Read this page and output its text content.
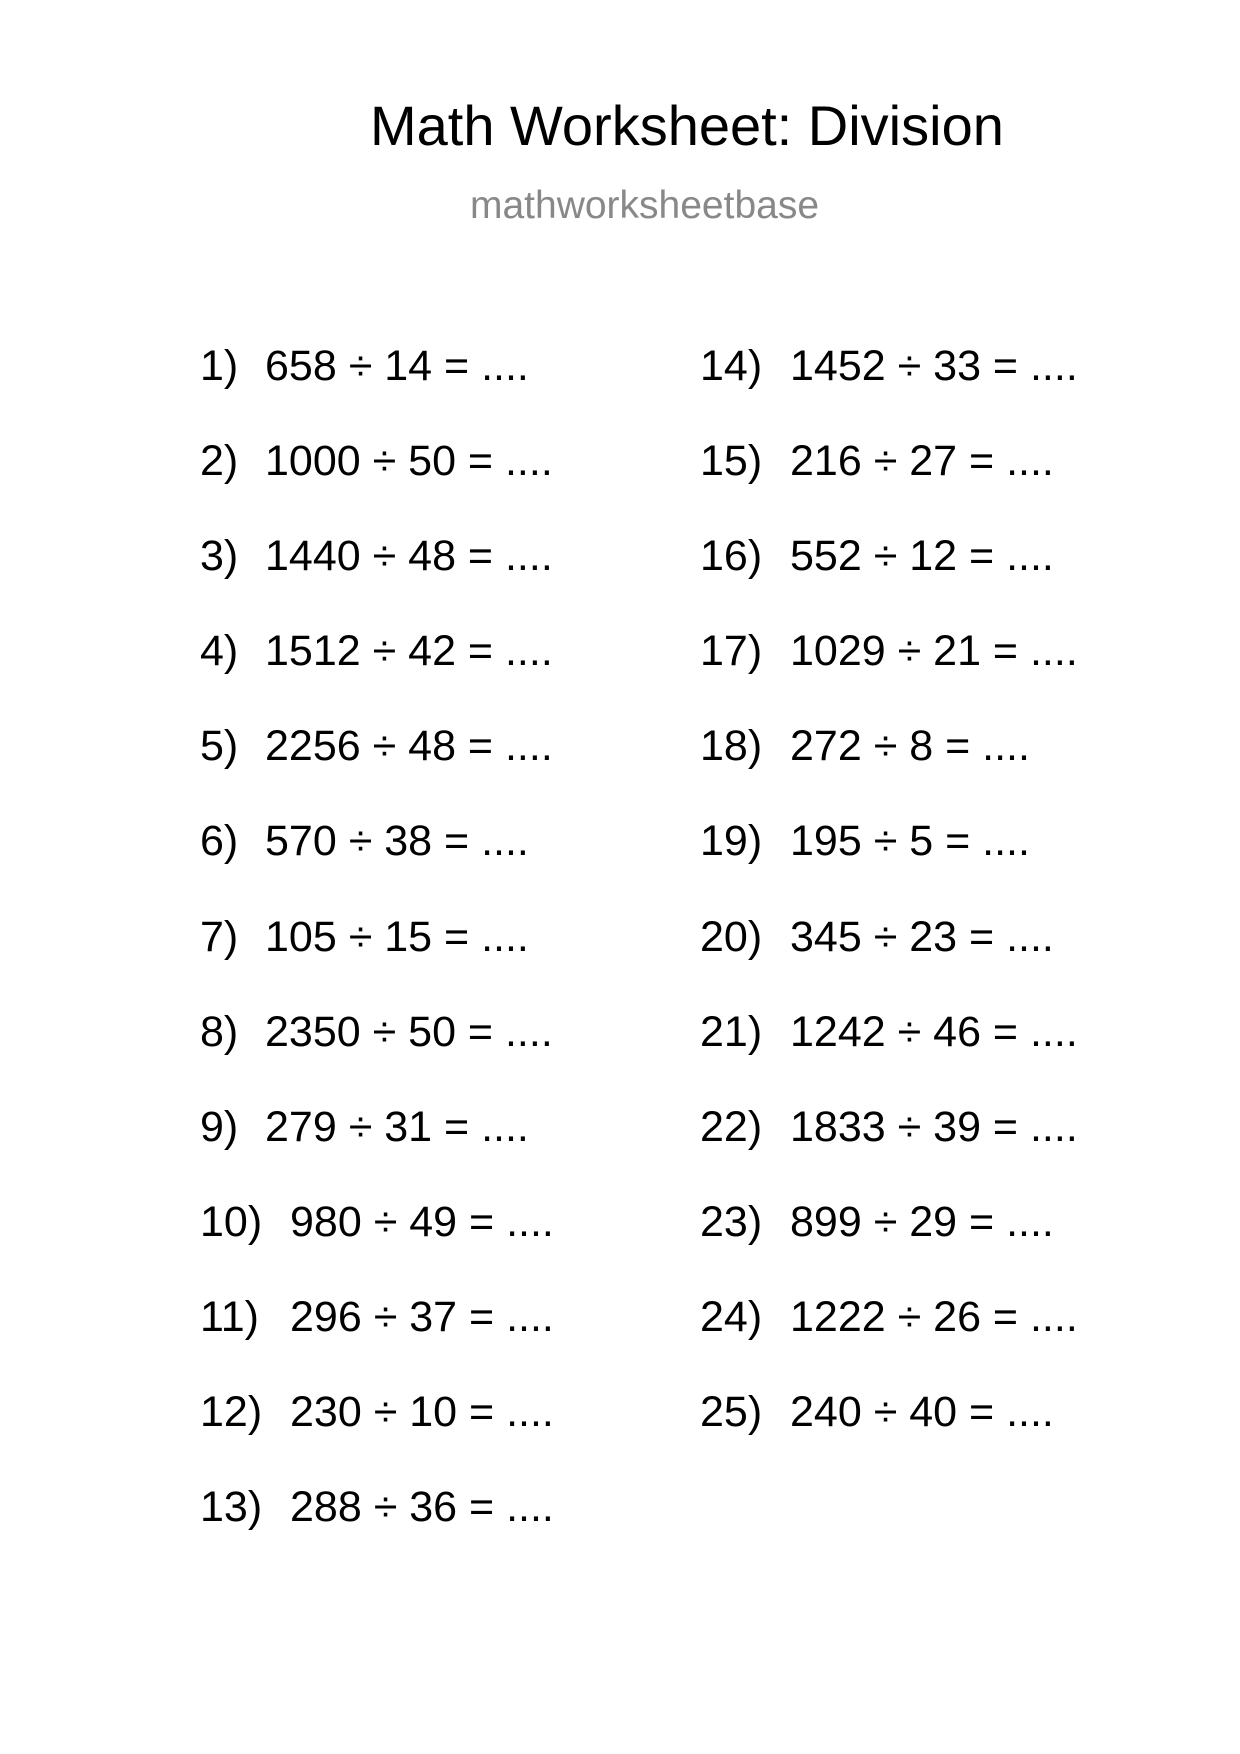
Math Worksheet: Division
mathworksheetbase
1) 658 ÷ 14 = ....
2) 1000 ÷ 50 = ....
3) 1440 ÷ 48 = ....
4) 1512 ÷ 42 = ....
5) 2256 ÷ 48 = ....
6) 570 ÷ 38 = ....
7) 105 ÷ 15 = ....
8) 2350 ÷ 50 = ....
9) 279 ÷ 31 = ....
10) 980 ÷ 49 = ....
11) 296 ÷ 37 = ....
12) 230 ÷ 10 = ....
13) 288 ÷ 36 = ....
14) 1452 ÷ 33 = ....
15) 216 ÷ 27 = ....
16) 552 ÷ 12 = ....
17) 1029 ÷ 21 = ....
18) 272 ÷ 8 = ....
19) 195 ÷ 5 = ....
20) 345 ÷ 23 = ....
21) 1242 ÷ 46 = ....
22) 1833 ÷ 39 = ....
23) 899 ÷ 29 = ....
24) 1222 ÷ 26 = ....
25) 240 ÷ 40 = ....
